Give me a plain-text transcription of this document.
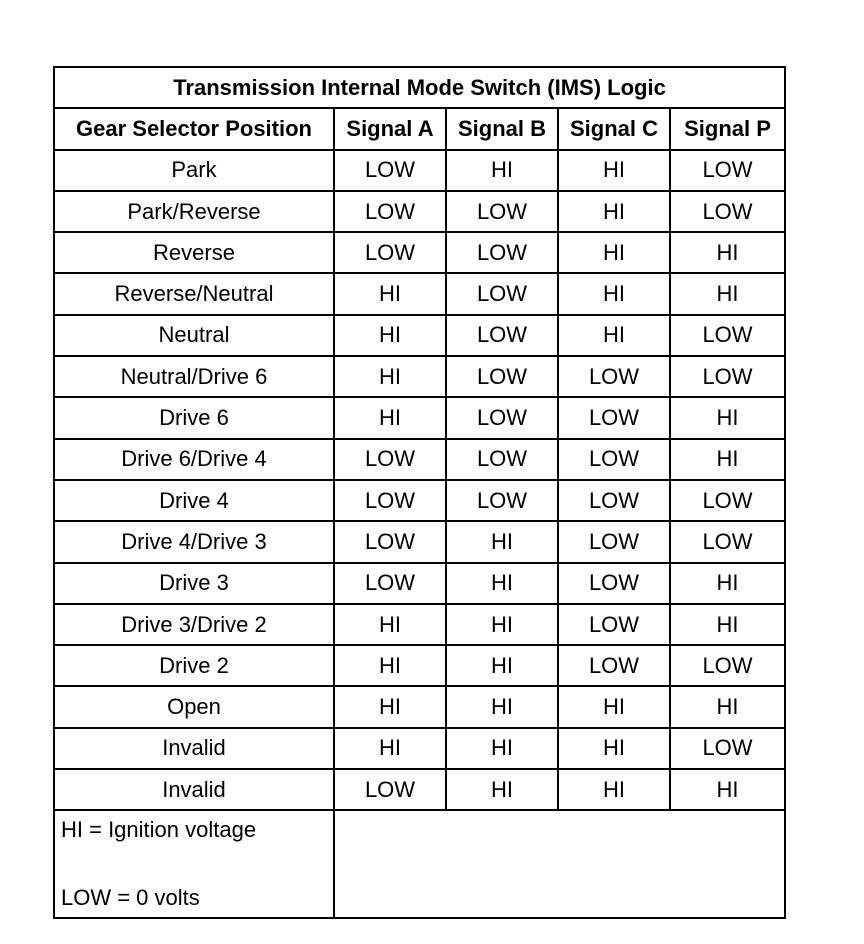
Transmission Internal Mode Switch (IMS) Logic				
Gear Selector Position	Signal A	Signal B	Signal C	Signal P
Park	LOW	HI	HI	LOW
Park/Reverse	LOW	LOW	HI	LOW
Reverse	LOW	LOW	HI	HI
Reverse/Neutral	HI	LOW	HI	HI
Neutral	HI	LOW	HI	LOW
Neutral/Drive 6	HI	LOW	LOW	LOW
Drive 6	HI	LOW	LOW	HI
Drive 6/Drive 4	LOW	LOW	LOW	HI
Drive 4	LOW	LOW	LOW	LOW
Drive 4/Drive 3	LOW	HI	LOW	LOW
Drive 3	LOW	HI	LOW	HI
Drive 3/Drive 2	HI	HI	LOW	HI
Drive 2	HI	HI	LOW	LOW
Open	HI	HI	HI	HI
Invalid	HI	HI	HI	LOW
Invalid	LOW	HI	HI	HI

HI = Ignition voltage
LOW = 0 volts				
